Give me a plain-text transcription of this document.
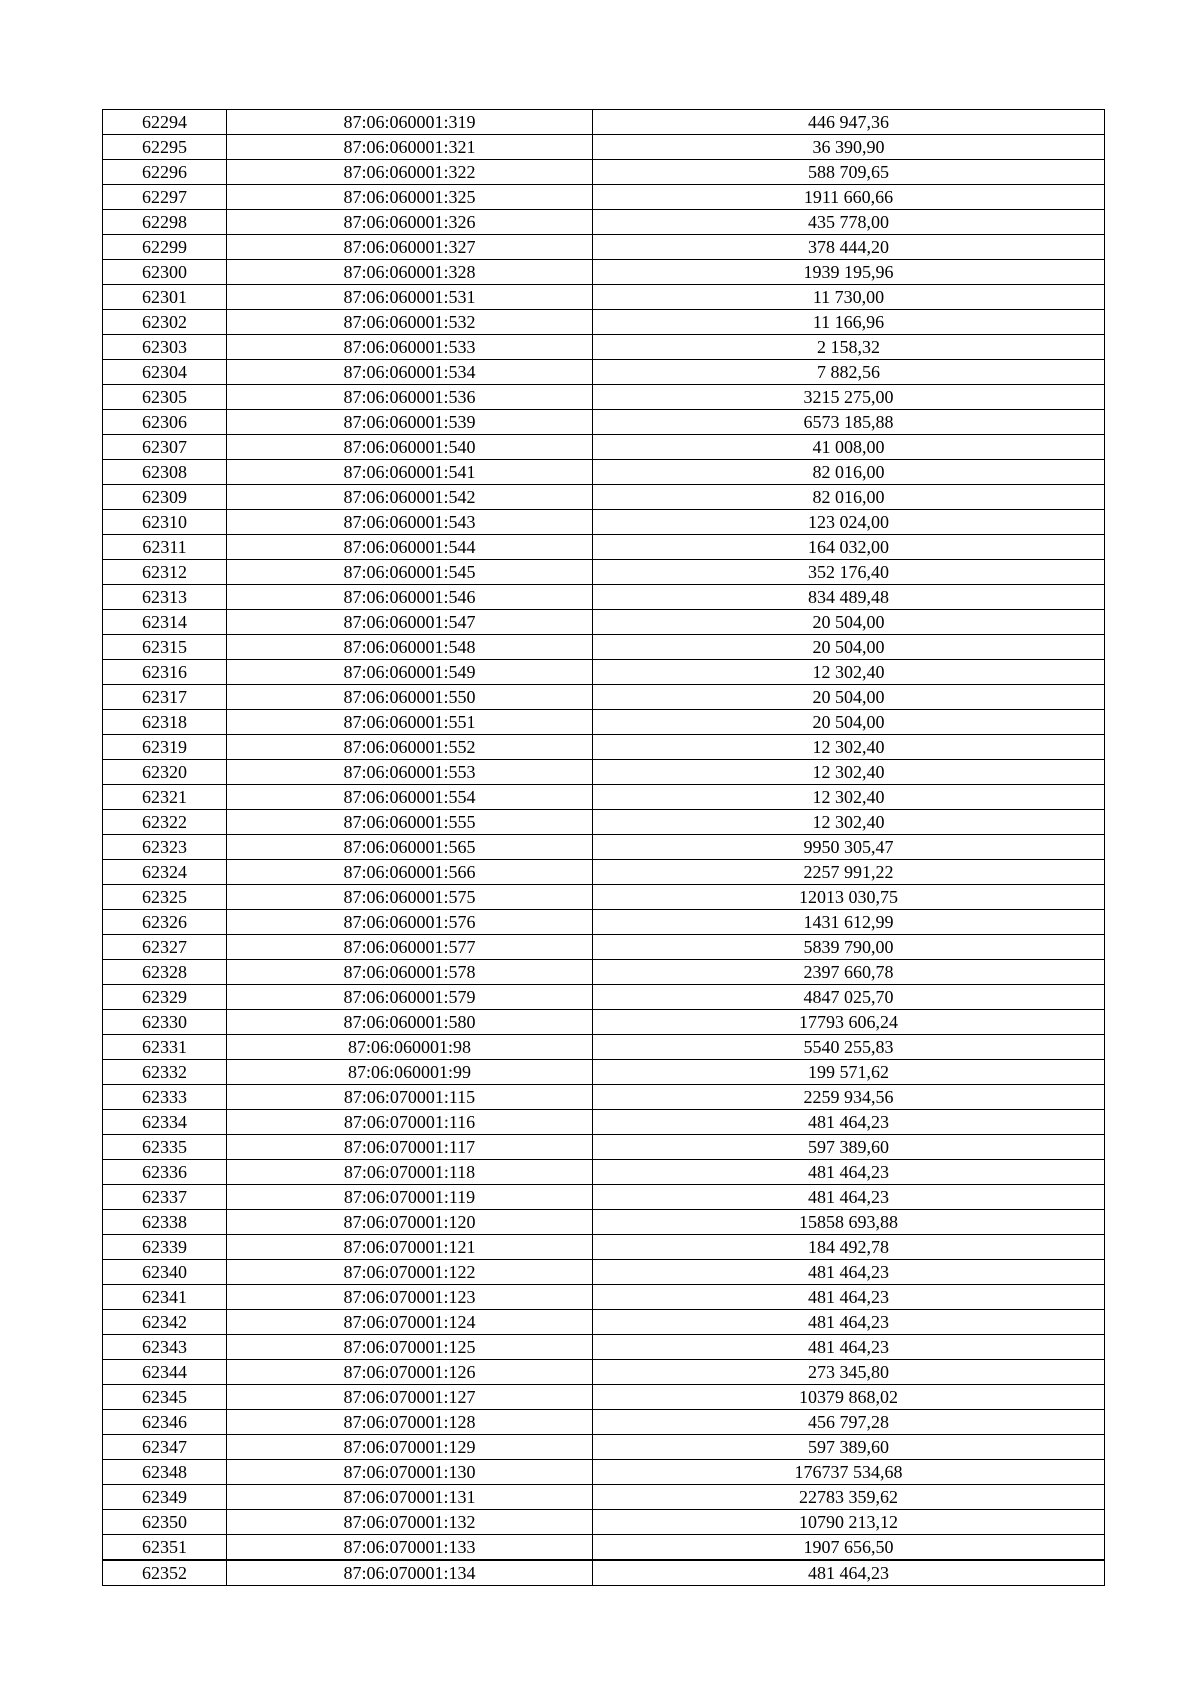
62294	87:06:060001:319	446 947,36
62295	87:06:060001:321	36 390,90
62296	87:06:060001:322	588 709,65
62297	87:06:060001:325	1911 660,66
62298	87:06:060001:326	435 778,00
62299	87:06:060001:327	378 444,20
62300	87:06:060001:328	1939 195,96
62301	87:06:060001:531	11 730,00
62302	87:06:060001:532	11 166,96
62303	87:06:060001:533	2 158,32
62304	87:06:060001:534	7 882,56
62305	87:06:060001:536	3215 275,00
62306	87:06:060001:539	6573 185,88
62307	87:06:060001:540	41 008,00
62308	87:06:060001:541	82 016,00
62309	87:06:060001:542	82 016,00
62310	87:06:060001:543	123 024,00
62311	87:06:060001:544	164 032,00
62312	87:06:060001:545	352 176,40
62313	87:06:060001:546	834 489,48
62314	87:06:060001:547	20 504,00
62315	87:06:060001:548	20 504,00
62316	87:06:060001:549	12 302,40
62317	87:06:060001:550	20 504,00
62318	87:06:060001:551	20 504,00
62319	87:06:060001:552	12 302,40
62320	87:06:060001:553	12 302,40
62321	87:06:060001:554	12 302,40
62322	87:06:060001:555	12 302,40
62323	87:06:060001:565	9950 305,47
62324	87:06:060001:566	2257 991,22
62325	87:06:060001:575	12013 030,75
62326	87:06:060001:576	1431 612,99
62327	87:06:060001:577	5839 790,00
62328	87:06:060001:578	2397 660,78
62329	87:06:060001:579	4847 025,70
62330	87:06:060001:580	17793 606,24
62331	87:06:060001:98	5540 255,83
62332	87:06:060001:99	199 571,62
62333	87:06:070001:115	2259 934,56
62334	87:06:070001:116	481 464,23
62335	87:06:070001:117	597 389,60
62336	87:06:070001:118	481 464,23
62337	87:06:070001:119	481 464,23
62338	87:06:070001:120	15858 693,88
62339	87:06:070001:121	184 492,78
62340	87:06:070001:122	481 464,23
62341	87:06:070001:123	481 464,23
62342	87:06:070001:124	481 464,23
62343	87:06:070001:125	481 464,23
62344	87:06:070001:126	273 345,80
62345	87:06:070001:127	10379 868,02
62346	87:06:070001:128	456 797,28
62347	87:06:070001:129	597 389,60
62348	87:06:070001:130	176737 534,68
62349	87:06:070001:131	22783 359,62
62350	87:06:070001:132	10790 213,12
62351	87:06:070001:133	1907 656,50
62352	87:06:070001:134	481 464,23
